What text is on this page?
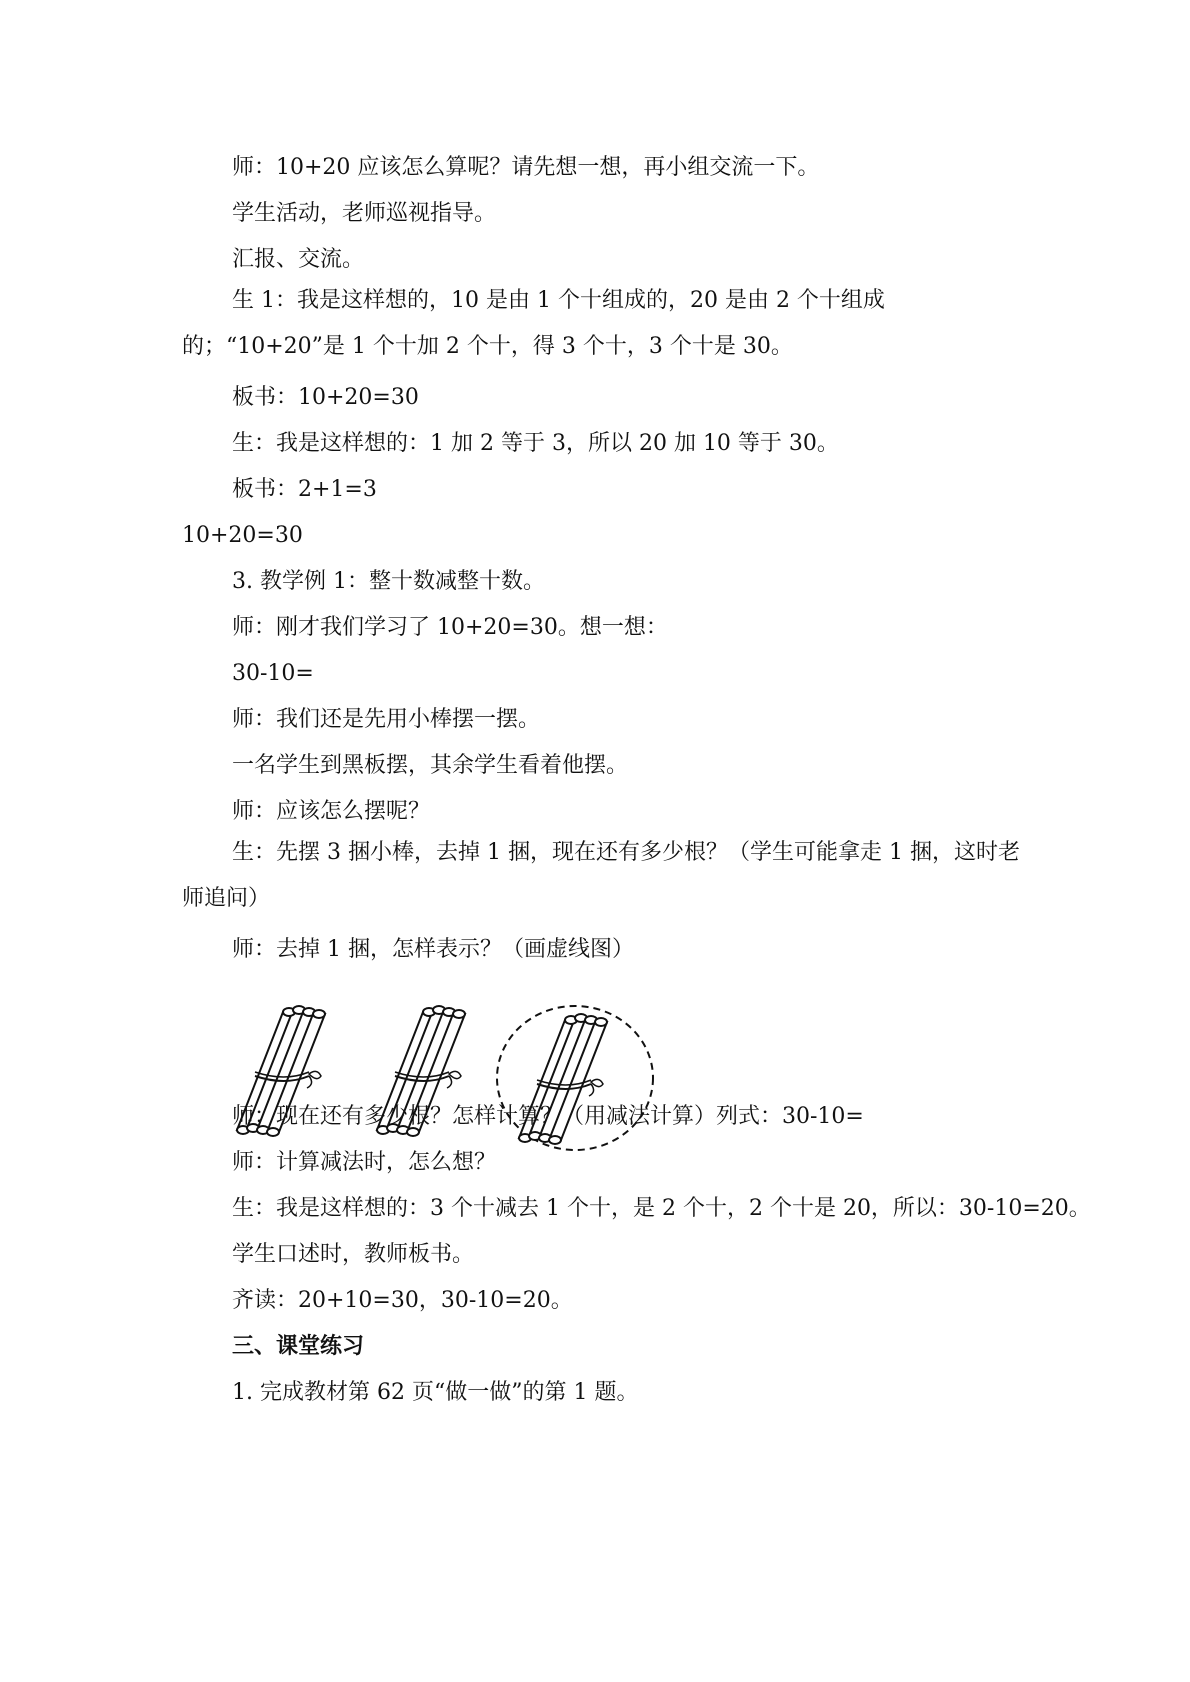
师：10+20 应该怎么算呢？请先想一想，再小组交流一下。
学生活动，老师巡视指导。
汇报、交流。
生 1：我是这样想的，10 是由 1 个十组成的，20 是由 2 个十组成的；“10+20”是 1 个十加 2 个十，得 3 个十，3 个十是 30。
板书：10+20=30
生：我是这样想的：1 加 2 等于 3，所以 20 加 10 等于 30。
板书：2+1=3
10+20=30
3. 教学例 1：整十数减整十数。
师：刚才我们学习了 10+20=30。想一想：
30-10=
师：我们还是先用小棒摆一摆。
一名学生到黑板摆，其余学生看着他摆。
师：应该怎么摆呢？
生：先摆 3 捆小棒，去掉 1 捆，现在还有多少根？（学生可能拿走 1 捆，这时老师追问）
师：去掉 1 捆，怎样表示？（画虚线图）
师：现在还有多少根？怎样计算？（用减法计算）列式：30-10=
师：计算减法时，怎么想？
生：我是这样想的：3 个十减去 1 个十，是 2 个十，2 个十是 20，所以：30-10=20。
学生口述时，教师板书。
齐读：20+10=30，30-10=20。
三、课堂练习
1. 完成教材第 62 页“做一做”的第 1 题。
